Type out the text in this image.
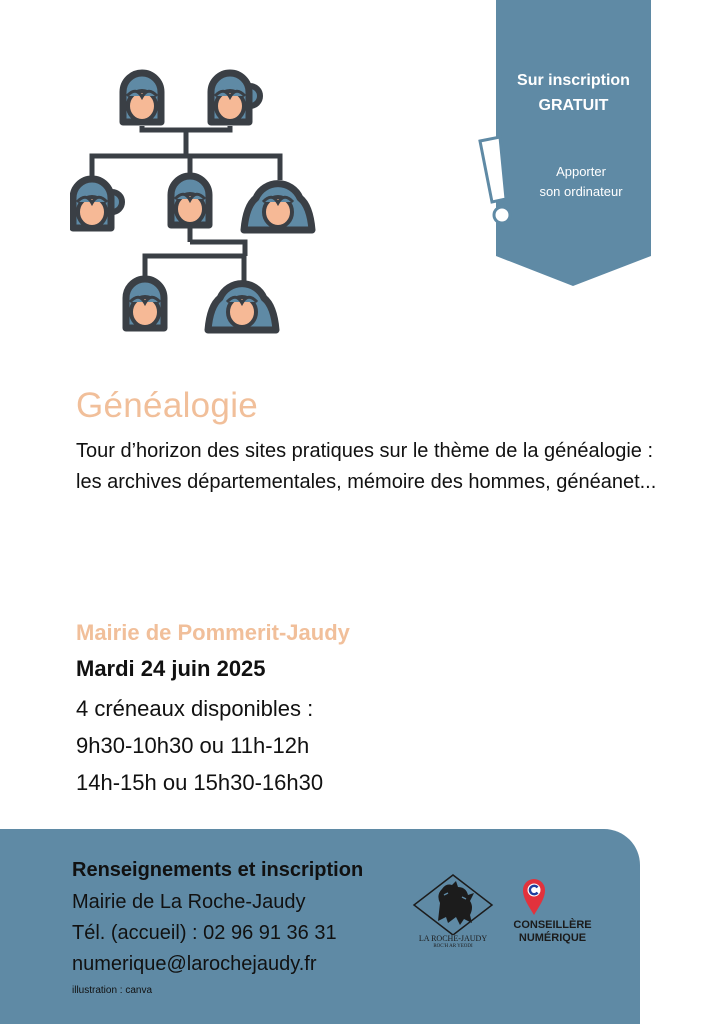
Sur inscription
GRATUIT
Apporter
son ordinateur
Généalogie
Tour d’horizon des sites pratiques sur le thème de la généalogie : les archives départementales, mémoire des hommes, généanet...
Mairie de Pommerit-Jaudy
Mardi 24 juin 2025
4 créneaux disponibles :
9h30-10h30 ou 11h-12h
14h-15h ou 15h30-16h30
Renseignements et inscription
Mairie de La Roche-Jaudy
Tél. (accueil) : 02 96 91 36 31
numerique@larochejaudy.fr
illustration : canva
LA ROCHE-JAUDY
ROC'H AR YEODI
CONSEILLÈRE
NUMÉRIQUE
